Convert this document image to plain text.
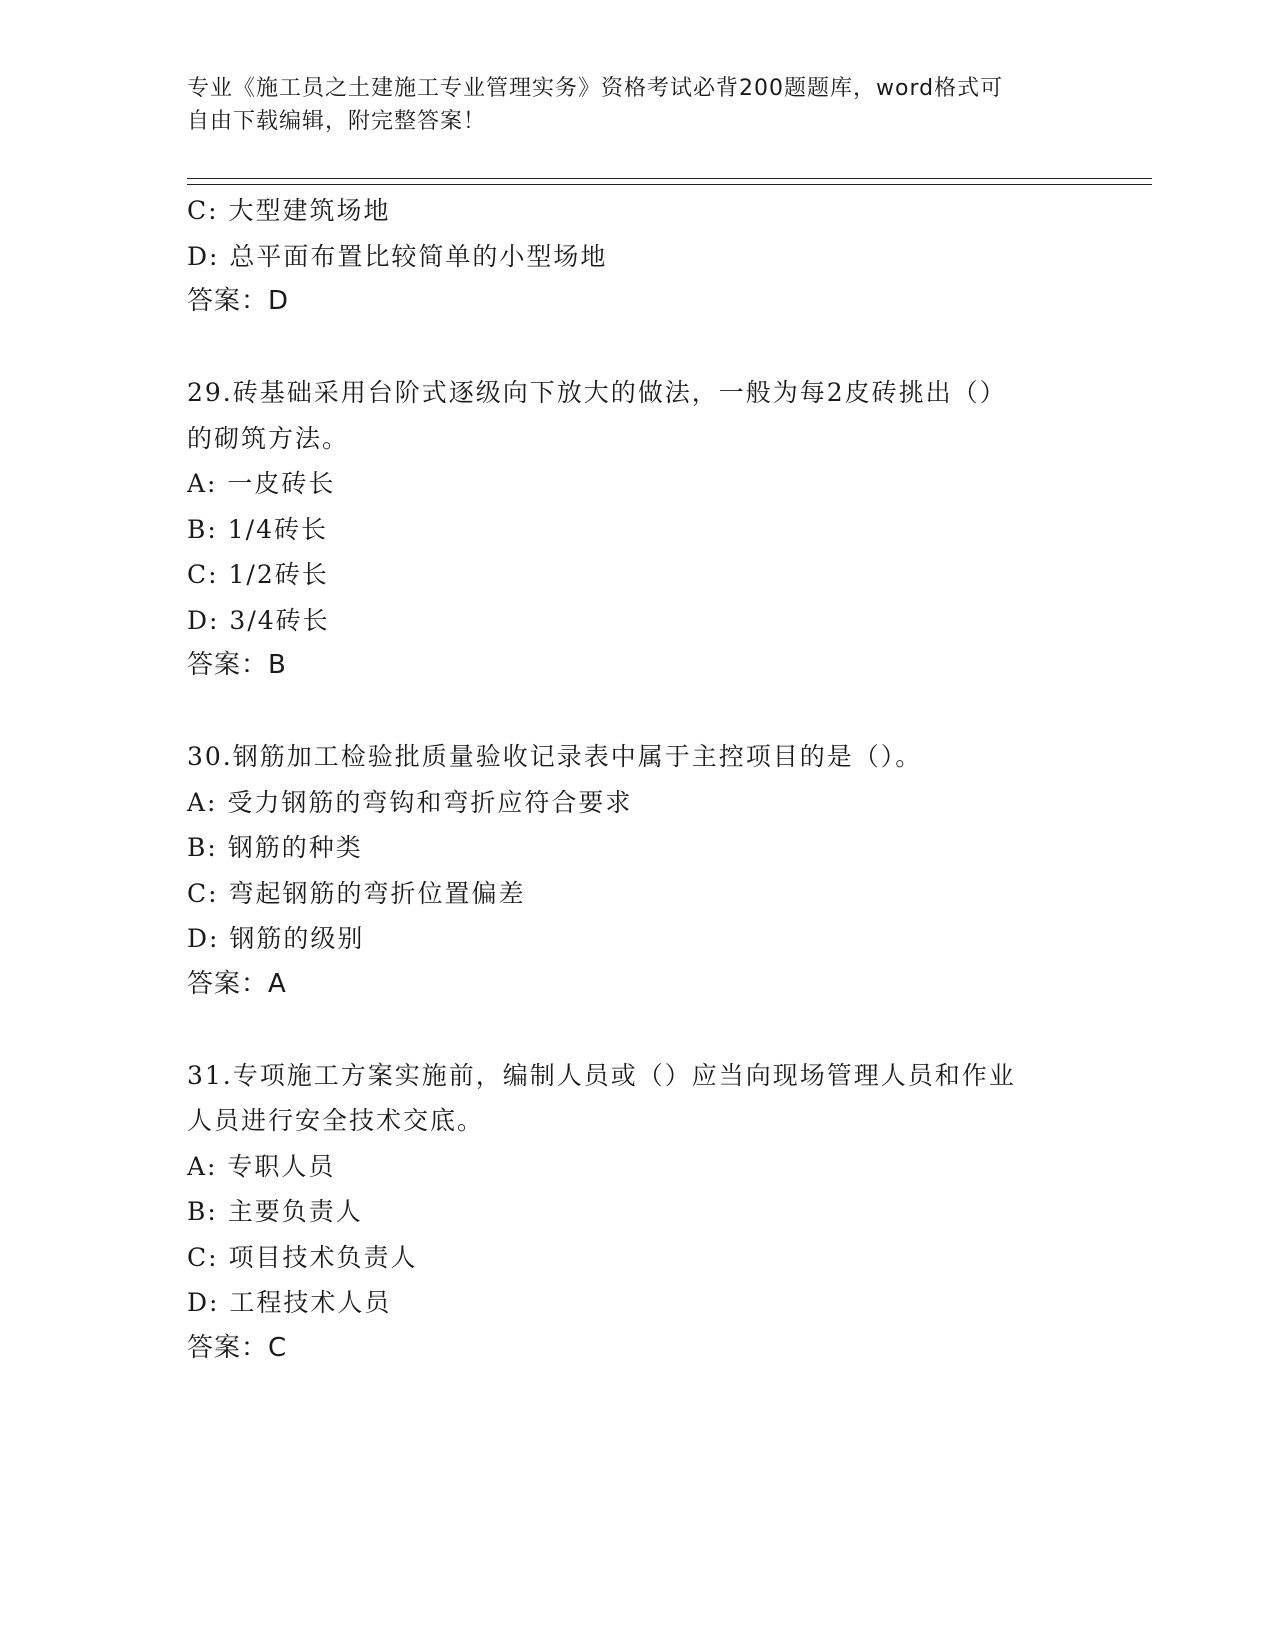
专业《施工员之土建施工专业管理实务》资格考试必背200题题库，word格式可
自由下载编辑，附完整答案！
C: 大型建筑场地
D: 总平面布置比较简单的小型场地
答案：D
29.砖基础采用台阶式逐级向下放大的做法，一般为每2皮砖挑出（）
的砌筑方法。
A: 一皮砖长
B: 1/4砖长
C: 1/2砖长
D: 3/4砖长
答案：B
30.钢筋加工检验批质量验收记录表中属于主控项目的是（）。
A: 受力钢筋的弯钩和弯折应符合要求
B: 钢筋的种类
C: 弯起钢筋的弯折位置偏差
D: 钢筋的级别
答案：A
31.专项施工方案实施前，编制人员或（）应当向现场管理人员和作业
人员进行安全技术交底。
A: 专职人员
B: 主要负责人
C: 项目技术负责人
D: 工程技术人员
答案：C
